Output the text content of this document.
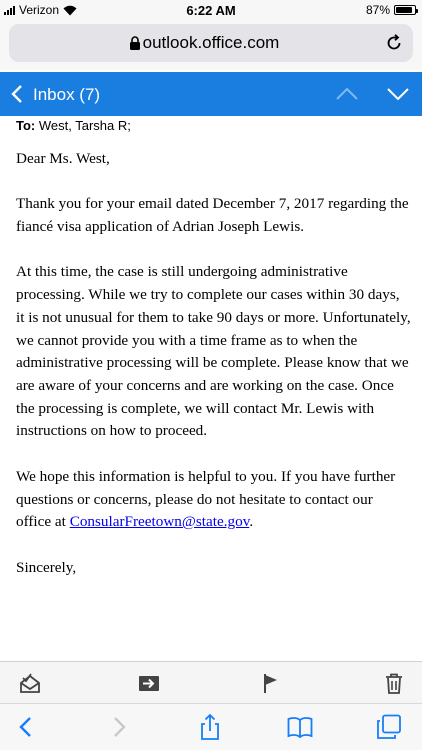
Verizon	6:22 AM	87%
outlook.office.com
Inbox (7)
To: West, Tarsha R;

Dear Ms. West,

Thank you for your email dated December 7, 2017 regarding the fiancé visa application of Adrian Joseph Lewis.

At this time, the case is still undergoing administrative processing. While we try to complete our cases within 30 days, it is not unusual for them to take 90 days or more. Unfortunately, we cannot provide you with a time frame as to when the administrative processing will be complete. Please know that we are aware of your concerns and are working on the case. Once the processing is complete, we will contact Mr. Lewis with instructions on how to proceed.

We hope this information is helpful to you. If you have further questions or concerns, please do not hesitate to contact our office at ConsularFreetown@state.gov.

Sincerely,
